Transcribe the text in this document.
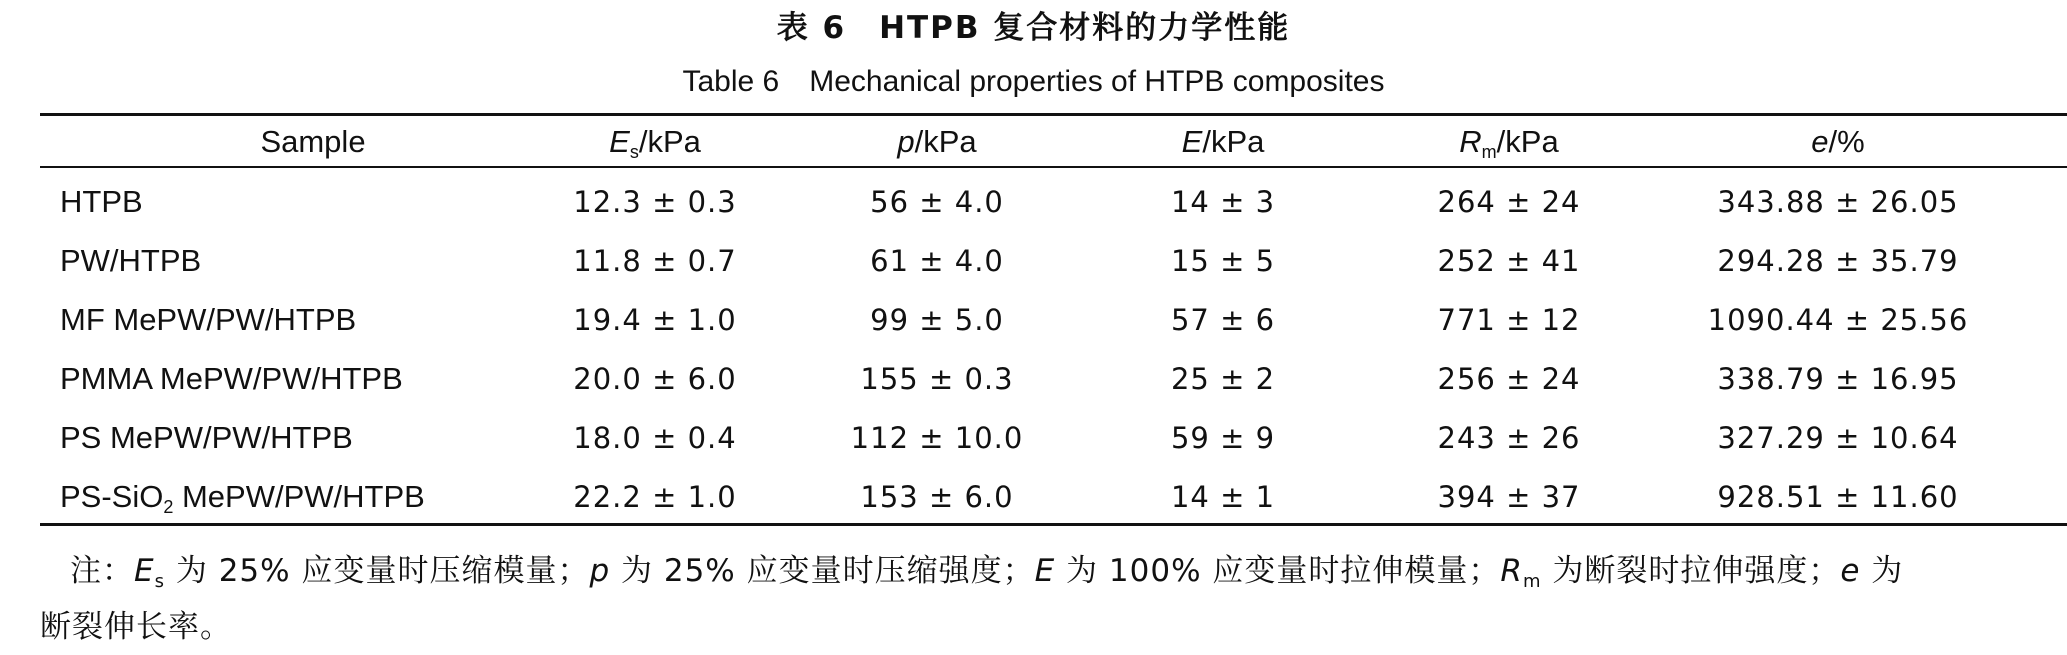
表 6　HTPB 复合材料的力学性能
Table 6　Mechanical properties of HTPB composites
Sample	$E_s$/kPa	p/kPa	E/kPa	$R_m$/kPa	e/%
HTPB	12.3 ± 0.3	56 ± 4.0	14 ± 3	264 ± 24	343.88 ± 26.05
PW/HTPB	11.8 ± 0.7	61 ± 4.0	15 ± 5	252 ± 41	294.28 ± 35.79
MF MePW/PW/HTPB	19.4 ± 1.0	99 ± 5.0	57 ± 6	771 ± 12	1090.44 ± 25.56
PMMA MePW/PW/HTPB	20.0 ± 6.0	155 ± 0.3	25 ± 2	256 ± 24	338.79 ± 16.95
PS MePW/PW/HTPB	18.0 ± 0.4	112 ± 10.0	59 ± 9	243 ± 26	327.29 ± 10.64
PS-SiO$_2$ MePW/PW/HTPB	22.2 ± 1.0	153 ± 6.0	14 ± 1	394 ± 37	928.51 ± 11.60
注：$E_s$ 为 25% 应变量时压缩模量；p 为 25% 应变量时压缩强度；E 为 100% 应变量时拉伸模量；$R_m$ 为断裂时拉伸强度；e 为
断裂伸长率。
